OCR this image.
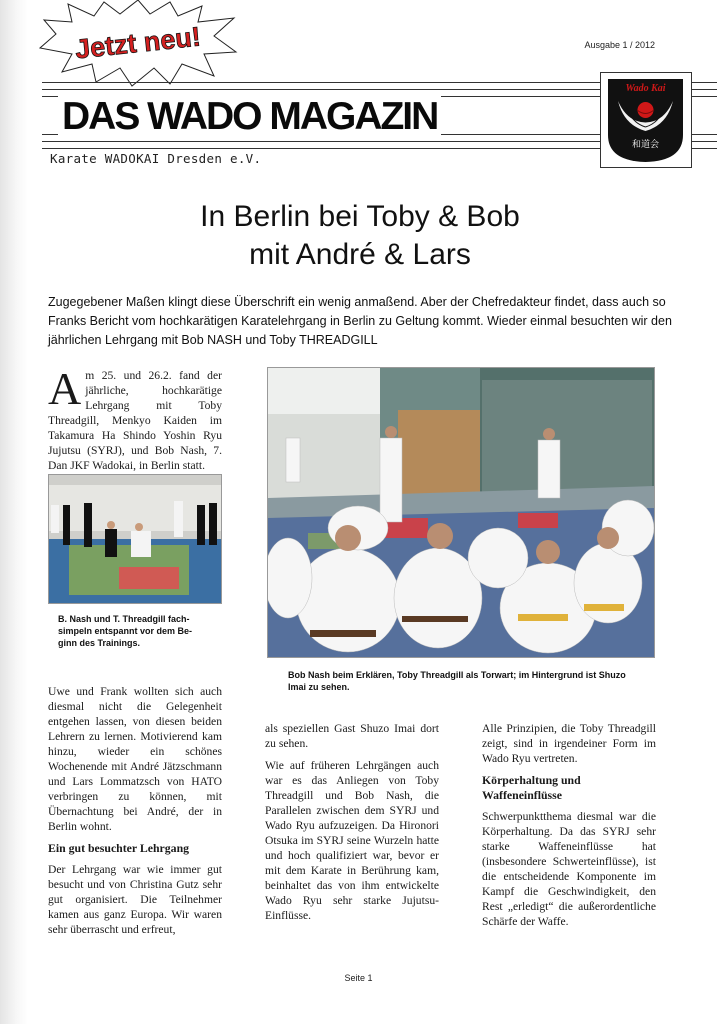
Jetzt neu!	Ausgabe 1 / 2012
DAS WADO MAGAZIN
Karate WADOKAI Dresden e.V.
Wado Kai
和道会
In Berlin bei Toby & Bob
mit André & Lars
Zugegebener Maßen klingt diese Überschrift ein wenig anmaßend. Aber der Chefredakteur findet, dass auch so Franks Bericht vom hochkarätigen Karatelehrgang in Berlin zu Geltung kommt. Wieder einmal besuchten wir den jährlichen Lehrgang mit Bob NASH und Toby THREADGILL
A m 25. und 26.2. fand der jährliche, hochkarätige Lehrgang mit Toby Threadgill, Menkyo Kaiden im Takamura Ha Shindo Yoshin Ryu Jujutsu (SYRJ), und Bob Nash, 7. Dan JKF Wadokai, in Berlin statt.
B. Nash und T. Threadgill fach-simpeln entspannt vor dem Be-ginn des Trainings.
Bob Nash beim Erklären, Toby Threadgill als Torwart; im Hintergrund ist Shuzo Imai zu sehen.

Uwe und Frank wollten sich auch diesmal nicht die Gelegenheit entgehen lassen, von diesen beiden Lehrern zu lernen. Motivierend kam hinzu, wieder ein schönes Wochenende mit André Jätzschmann und Lars Lommatzsch von HATO verbringen zu können, mit Übernachtung bei André, der in Berlin wohnt.

Ein gut besuchter Lehrgang

Der Lehrgang war wie immer gut besucht und von Christina Gutz sehr gut organisiert. Die Teilnehmer kamen aus ganz Europa. Wir waren sehr überrascht und erfreut,

als speziellen Gast Shuzo Imai dort zu sehen.

Wie auf früheren Lehrgängen auch war es das Anliegen von Toby Threadgill und Bob Nash, die Parallelen zwischen dem SYRJ und Wado Ryu aufzuzeigen. Da Hironori Otsuka im SYRJ seine Wurzeln hatte und hoch qualifiziert war, bevor er mit dem Karate in Berührung kam, beinhaltet das von ihm entwickelte Wado Ryu sehr starke Jujutsu-Einflüsse.

Alle Prinzipien, die Toby Threadgill zeigt, sind in irgendeiner Form im Wado Ryu vertreten.

Körperhaltung und Waffeneinflüsse

Schwerpunktthema diesmal war die Körperhaltung. Da das SYRJ sehr starke Waffeneinflüsse hat (insbesondere Schwerteinflüsse), ist die entscheidende Komponente im Kampf die Geschwindigkeit, den Rest „erledigt“ die außerordentliche Schärfe der Waffe.

Seite 1
